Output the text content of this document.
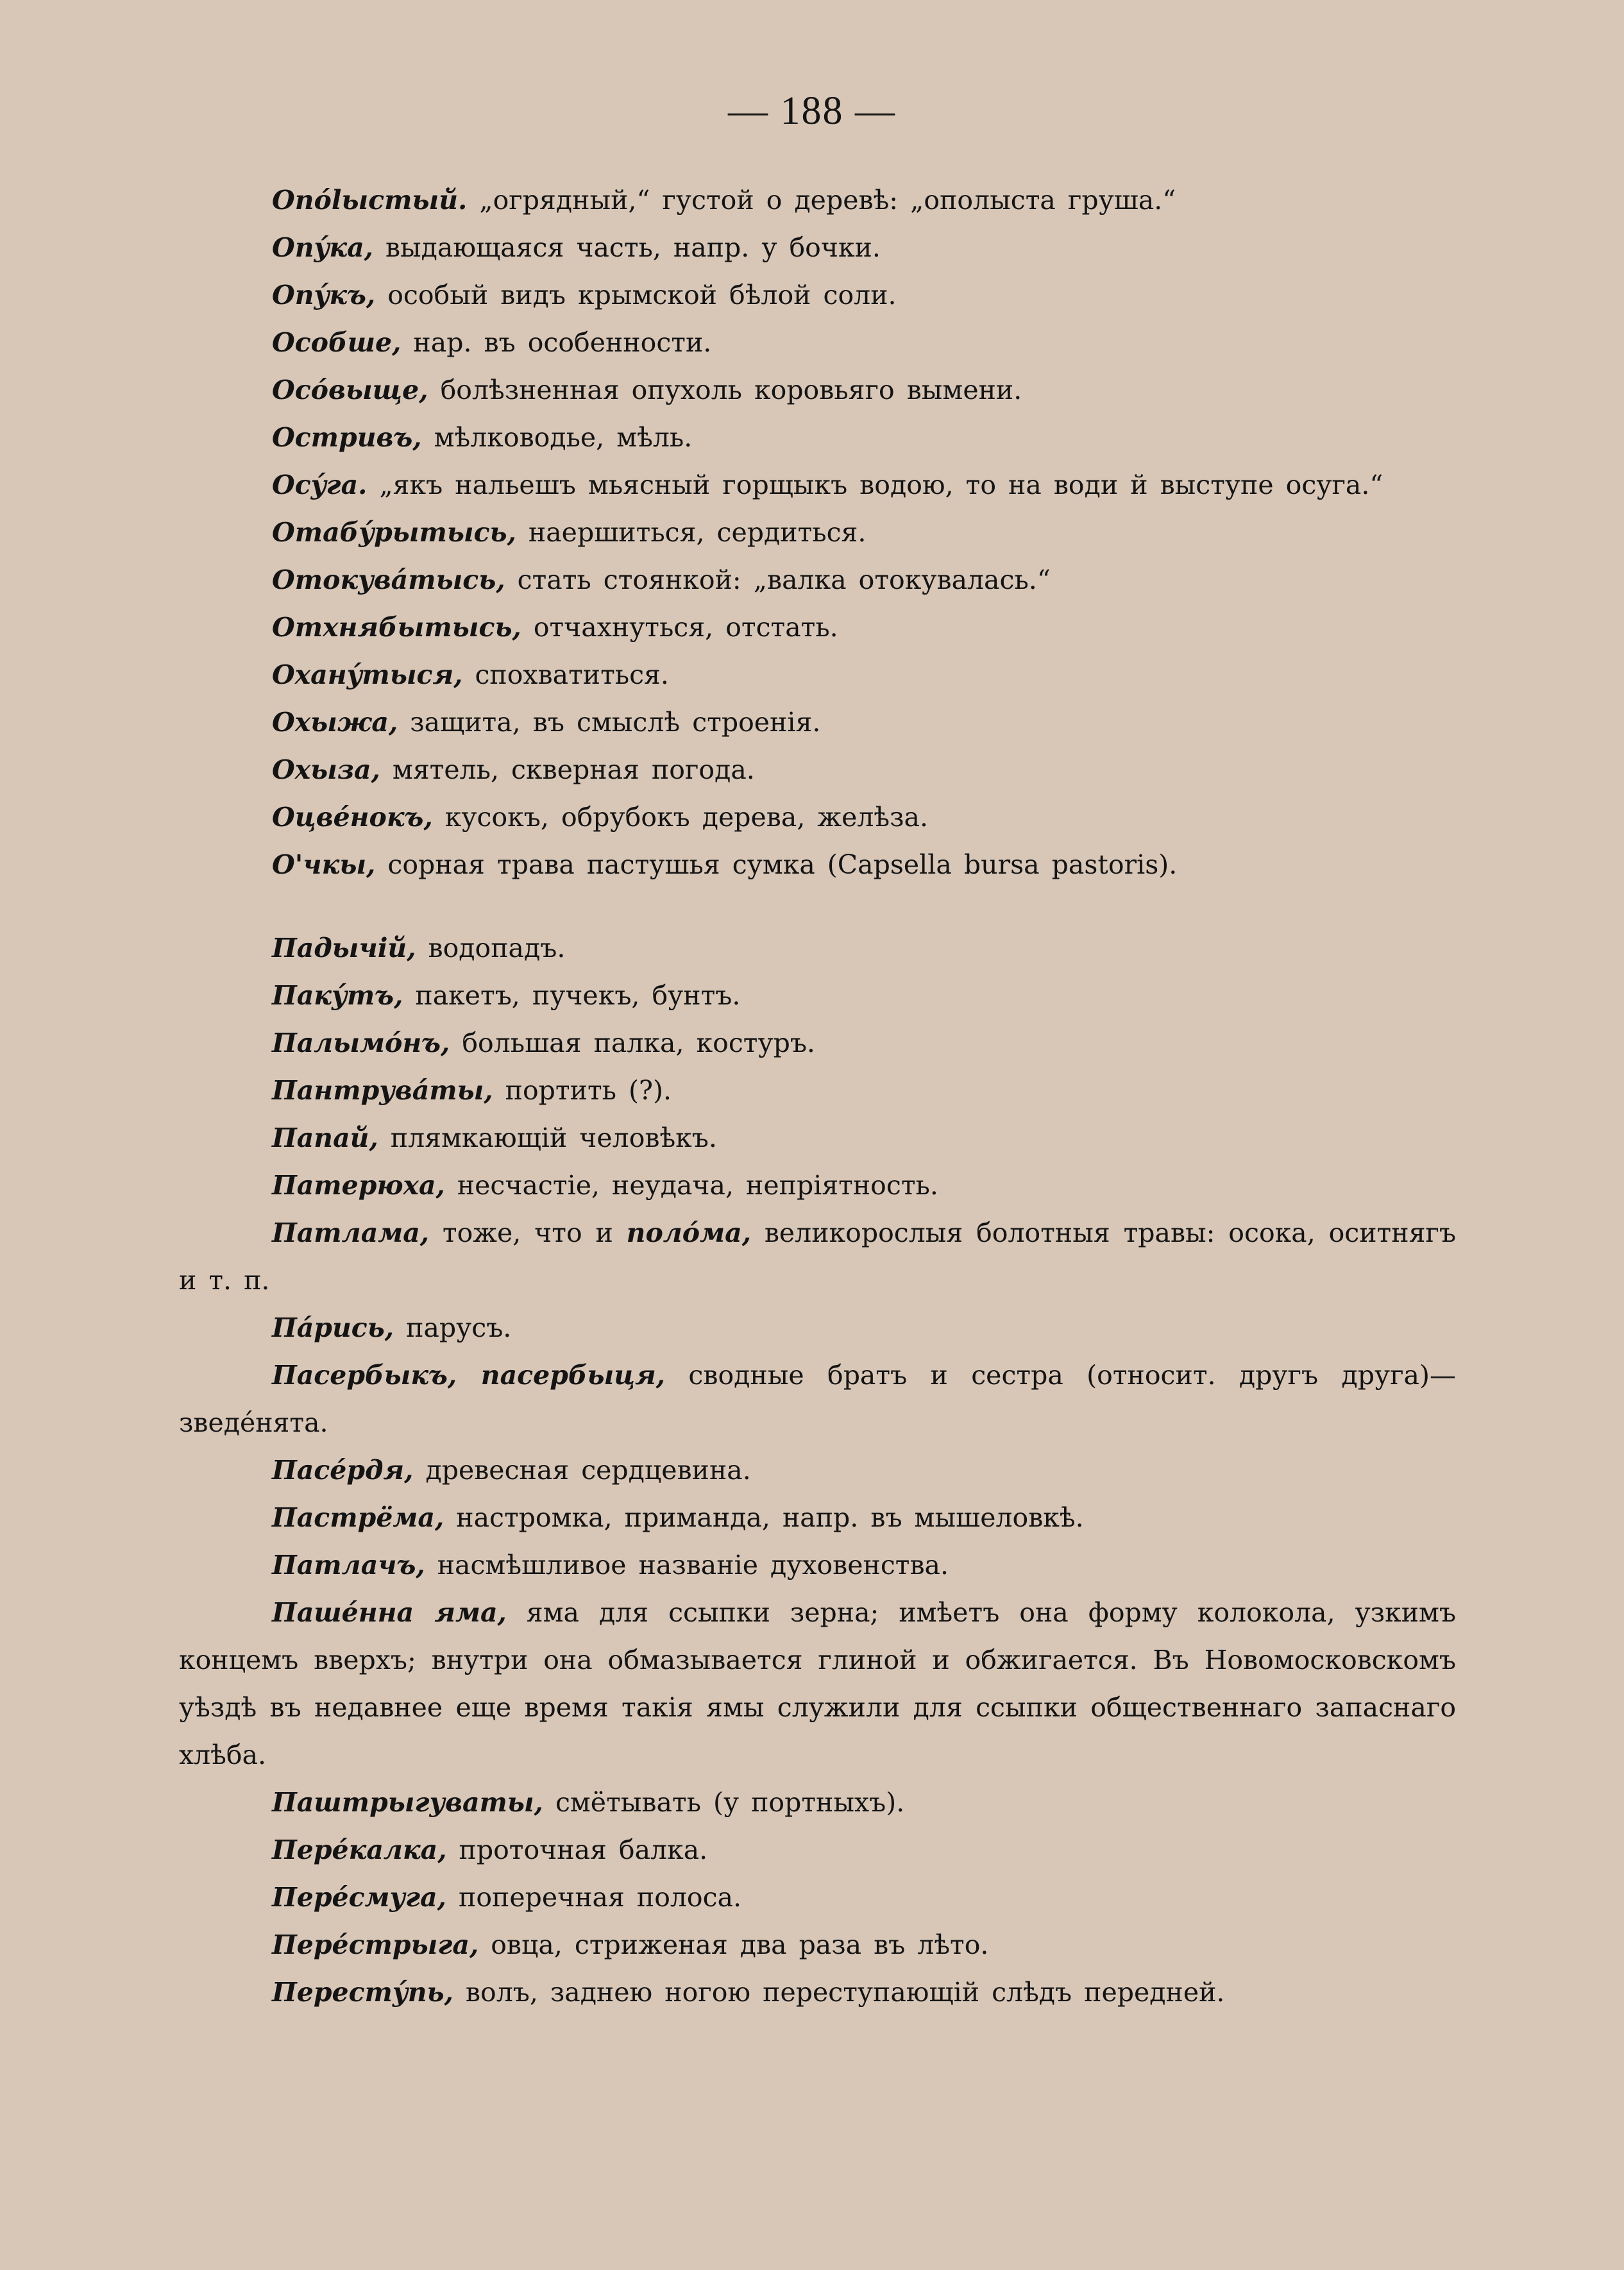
— 188 —
Опólыстый. „огрядный,“ густой о деревѣ: „ополыста груша.“
Опýка, выдающаяся часть, напр. у бочки.
Опýкъ, особый видъ крымской бѣлой соли.
Особше, нар. въ особенности.
Осóвыще, болѣзненная опухоль коровьяго вымени.
Остривъ, мѣлководье, мѣль.
Осýга. „якъ нальешъ мьясный горщыкъ водою, то на води й выступе осуга.“
Отабýрытысь, наершиться, сердиться.
Отокувáтысь, стать стоянкой: „валка отокувалась.“
Отхнябытысь, отчахнуться, отстать.
Оханýтыся, спохватиться.
Охыжа, защита, въ смыслѣ строенія.
Охыза, мятель, скверная погода.
Оцвéнокъ, кусокъ, обрубокъ дерева, желѣза.
О'чкы, сорная трава пастушья сумка (Capsella bursa pastoris).
Падычiй, водопадъ.
Пакýтъ, пакетъ, пучекъ, бунтъ.
Палымóнъ, большая палка, костуръ.
Пантрувáты, портить (?).
Папай, плямкающій человѣкъ.
Патерюха, несчастіе, неудача, непріятность.
Патлама, тоже, что и полóма, великорослыя болотныя травы: осока, оситнягъ и т. п.
Пáрись, парусъ.
Пасербыкъ, пасербыця, сводные братъ и сестра (относит. другъ друга)— зведéнята.
Пасéрдя, древесная сердцевина.
Пастрёма, настромка, приманда, напр. въ мышеловкѣ.
Патлачъ, насмѣшливое названіе духовенства.
Пашéнна яма, яма для ссыпки зерна; имѣетъ она форму колокола, узкимъ концемъ вверхъ; внутри она обмазывается глиной и обжигается. Въ Новомосковскомъ уѣздѣ въ недавнее еще время такія ямы служили для ссыпки общественнаго запаснаго хлѣба.
Паштрыгуваты, смётывать (у портныхъ).
Перéкалка, проточная балка.
Перéсмуга, поперечная полоса.
Перéстрыга, овца, стриженая два раза въ лѣто.
Перестýпь, волъ, заднею ногою переступающій слѣдъ передней.
